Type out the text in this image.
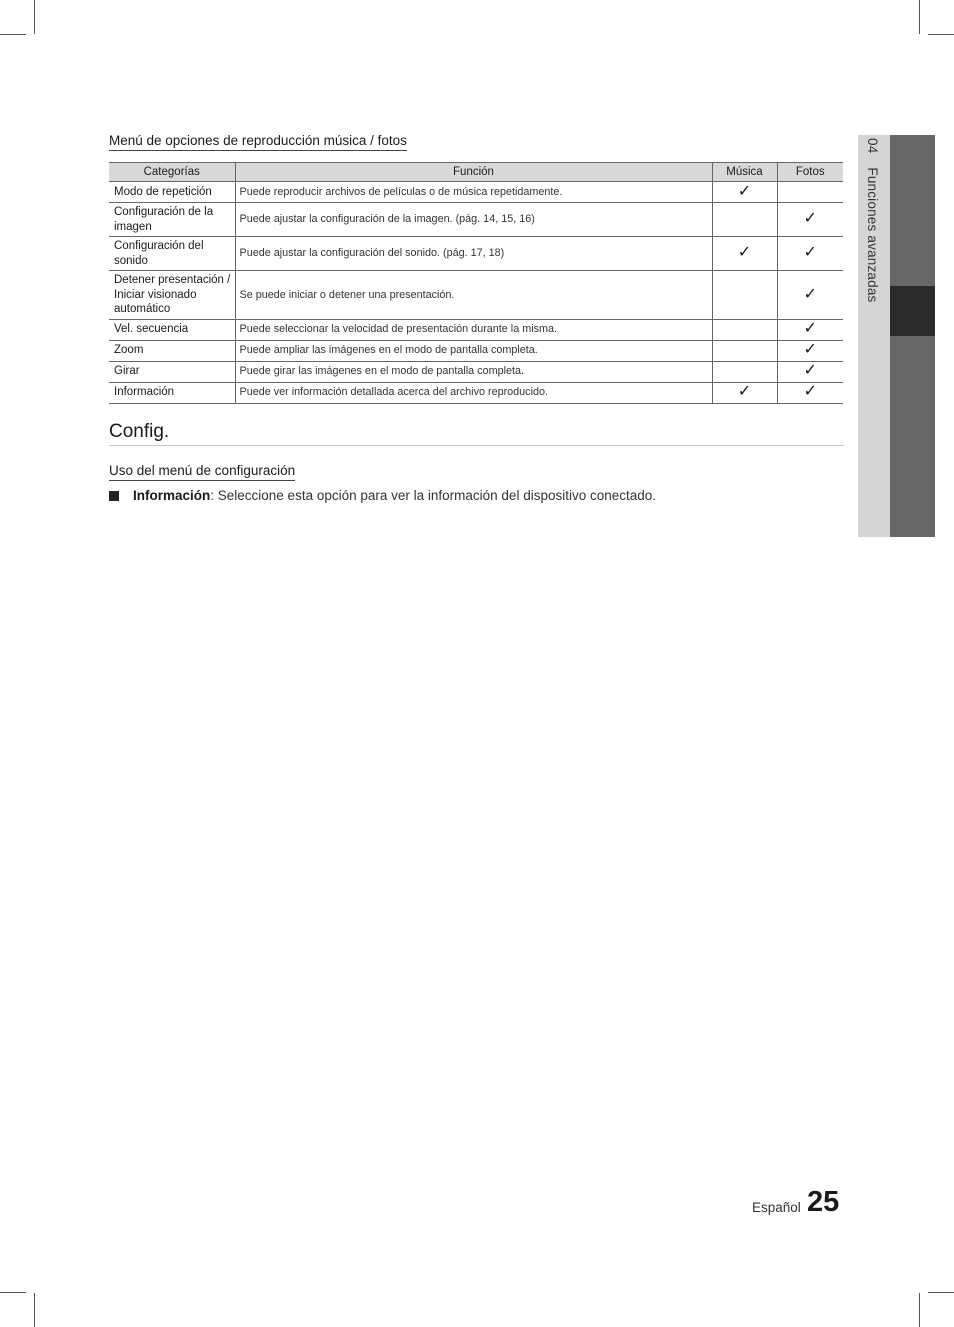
04 Funciones avanzadas
Menú de opciones de reproducción música / fotos
Categorías	Función	Música	Fotos
Modo de repetición	Puede reproducir archivos de películas o de música repetidamente.	✓	
Configuración de la imagen	Puede ajustar la configuración de la imagen. (pág. 14, 15, 16)		✓
Configuración del sonido	Puede ajustar la configuración del sonido. (pág. 17, 18)	✓	✓
Detener presentación / Iniciar visionado automático	Se puede iniciar o detener una presentación.		✓
Vel. secuencia	Puede seleccionar la velocidad de presentación durante la misma.		✓
Zoom	Puede ampliar las imágenes en el modo de pantalla completa.		✓
Girar	Puede girar las imágenes en el modo de pantalla completa.		✓
Información	Puede ver información detallada acerca del archivo reproducido.	✓	✓
Config.
Uso del menú de configuración
Información: Seleccione esta opción para ver la información del dispositivo conectado.
Español 25
